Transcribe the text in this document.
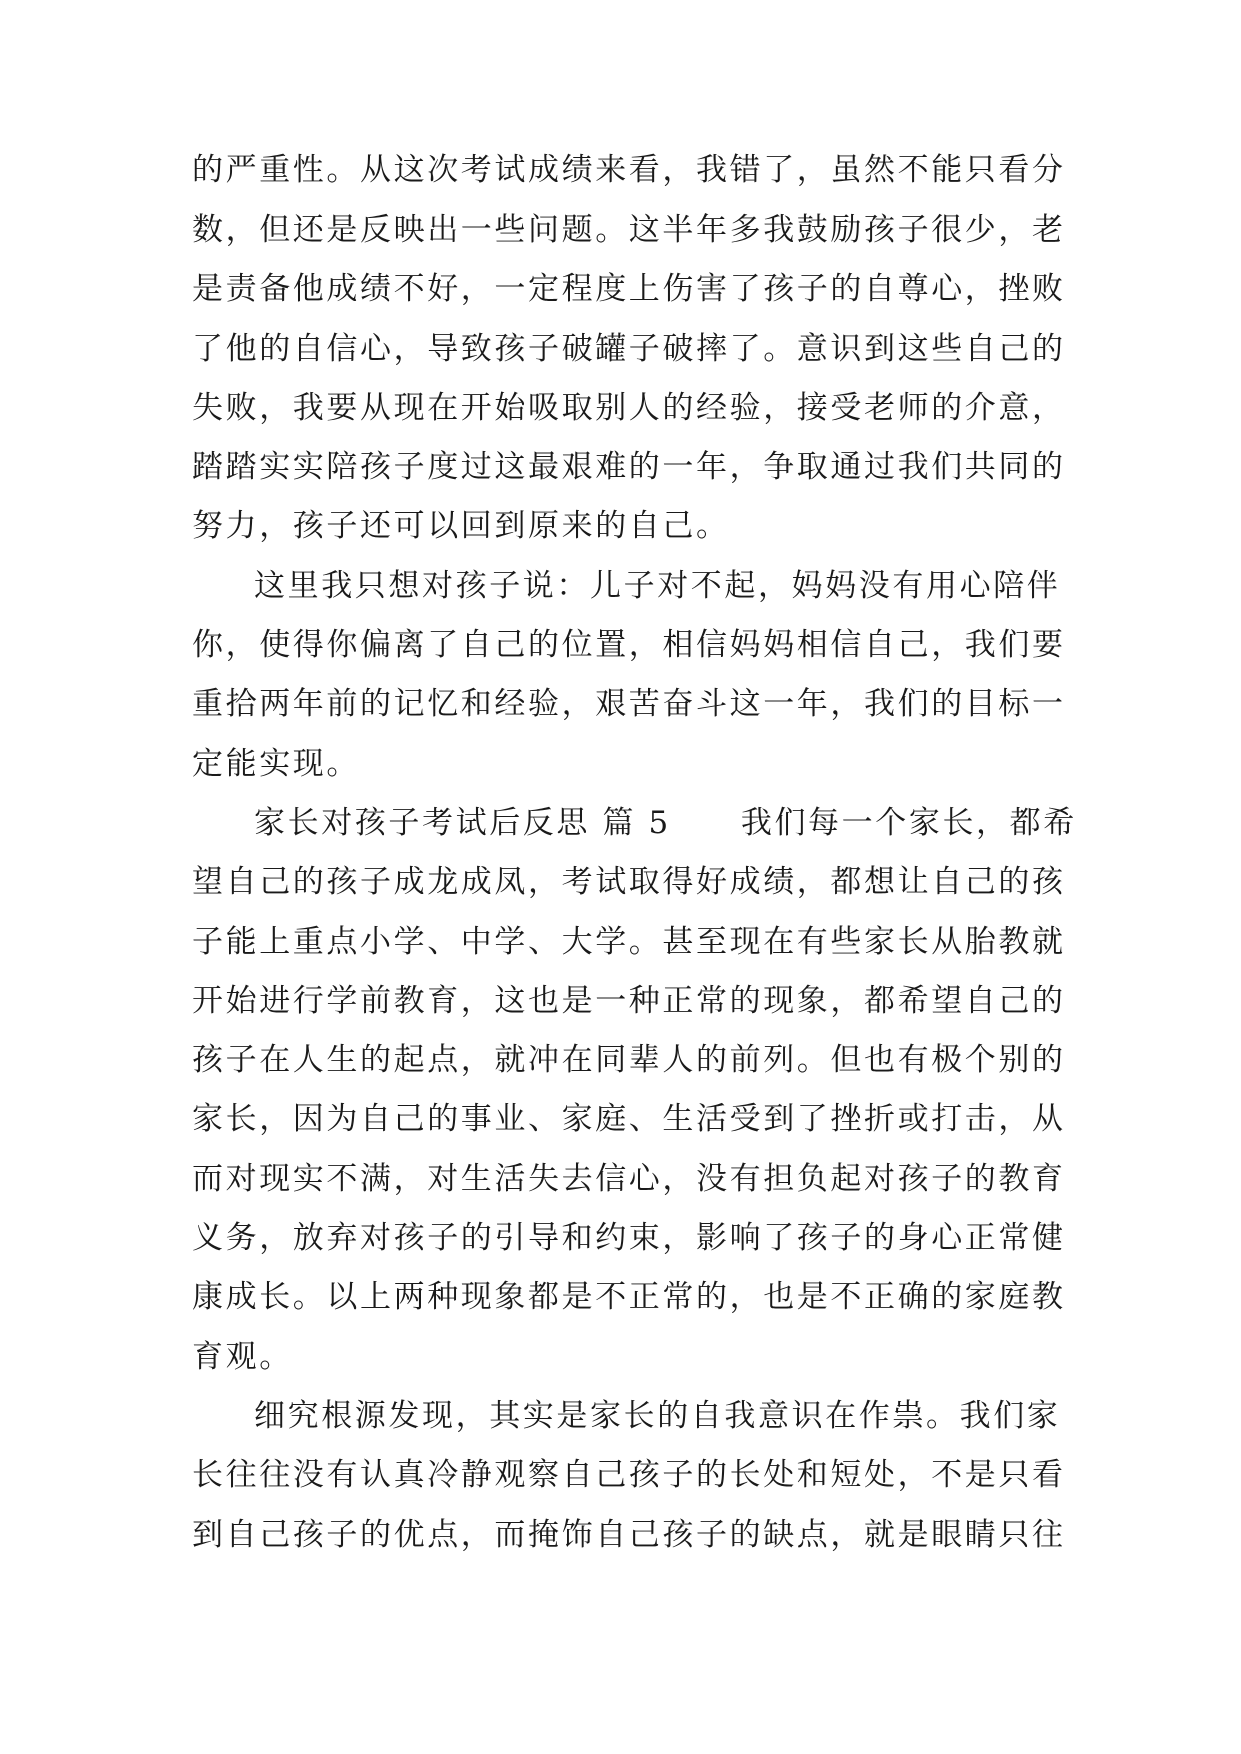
的严重性。从这次考试成绩来看，我错了，虽然不能只看分
数，但还是反映出一些问题。这半年多我鼓励孩子很少，老
是责备他成绩不好，一定程度上伤害了孩子的自尊心，挫败
了他的自信心，导致孩子破罐子破摔了。意识到这些自己的
失败，我要从现在开始吸取别人的经验，接受老师的介意，
踏踏实实陪孩子度过这最艰难的一年，争取通过我们共同的
努力，孩子还可以回到原来的自己。
这里我只想对孩子说：儿子对不起，妈妈没有用心陪伴
你，使得你偏离了自己的位置，相信妈妈相信自己，我们要
重拾两年前的记忆和经验，艰苦奋斗这一年，我们的目标一
定能实现。
家长对孩子考试后反思 篇 5 我们每一个家长，都希
望自己的孩子成龙成凤，考试取得好成绩，都想让自己的孩
子能上重点小学、中学、大学。甚至现在有些家长从胎教就
开始进行学前教育，这也是一种正常的现象，都希望自己的
孩子在人生的起点，就冲在同辈人的前列。但也有极个别的
家长，因为自己的事业、家庭、生活受到了挫折或打击，从
而对现实不满，对生活失去信心，没有担负起对孩子的教育
义务，放弃对孩子的引导和约束，影响了孩子的身心正常健
康成长。以上两种现象都是不正常的，也是不正确的家庭教
育观。
细究根源发现，其实是家长的自我意识在作祟。我们家
长往往没有认真冷静观察自己孩子的长处和短处，不是只看
到自己孩子的优点，而掩饰自己孩子的缺点，就是眼睛只往
